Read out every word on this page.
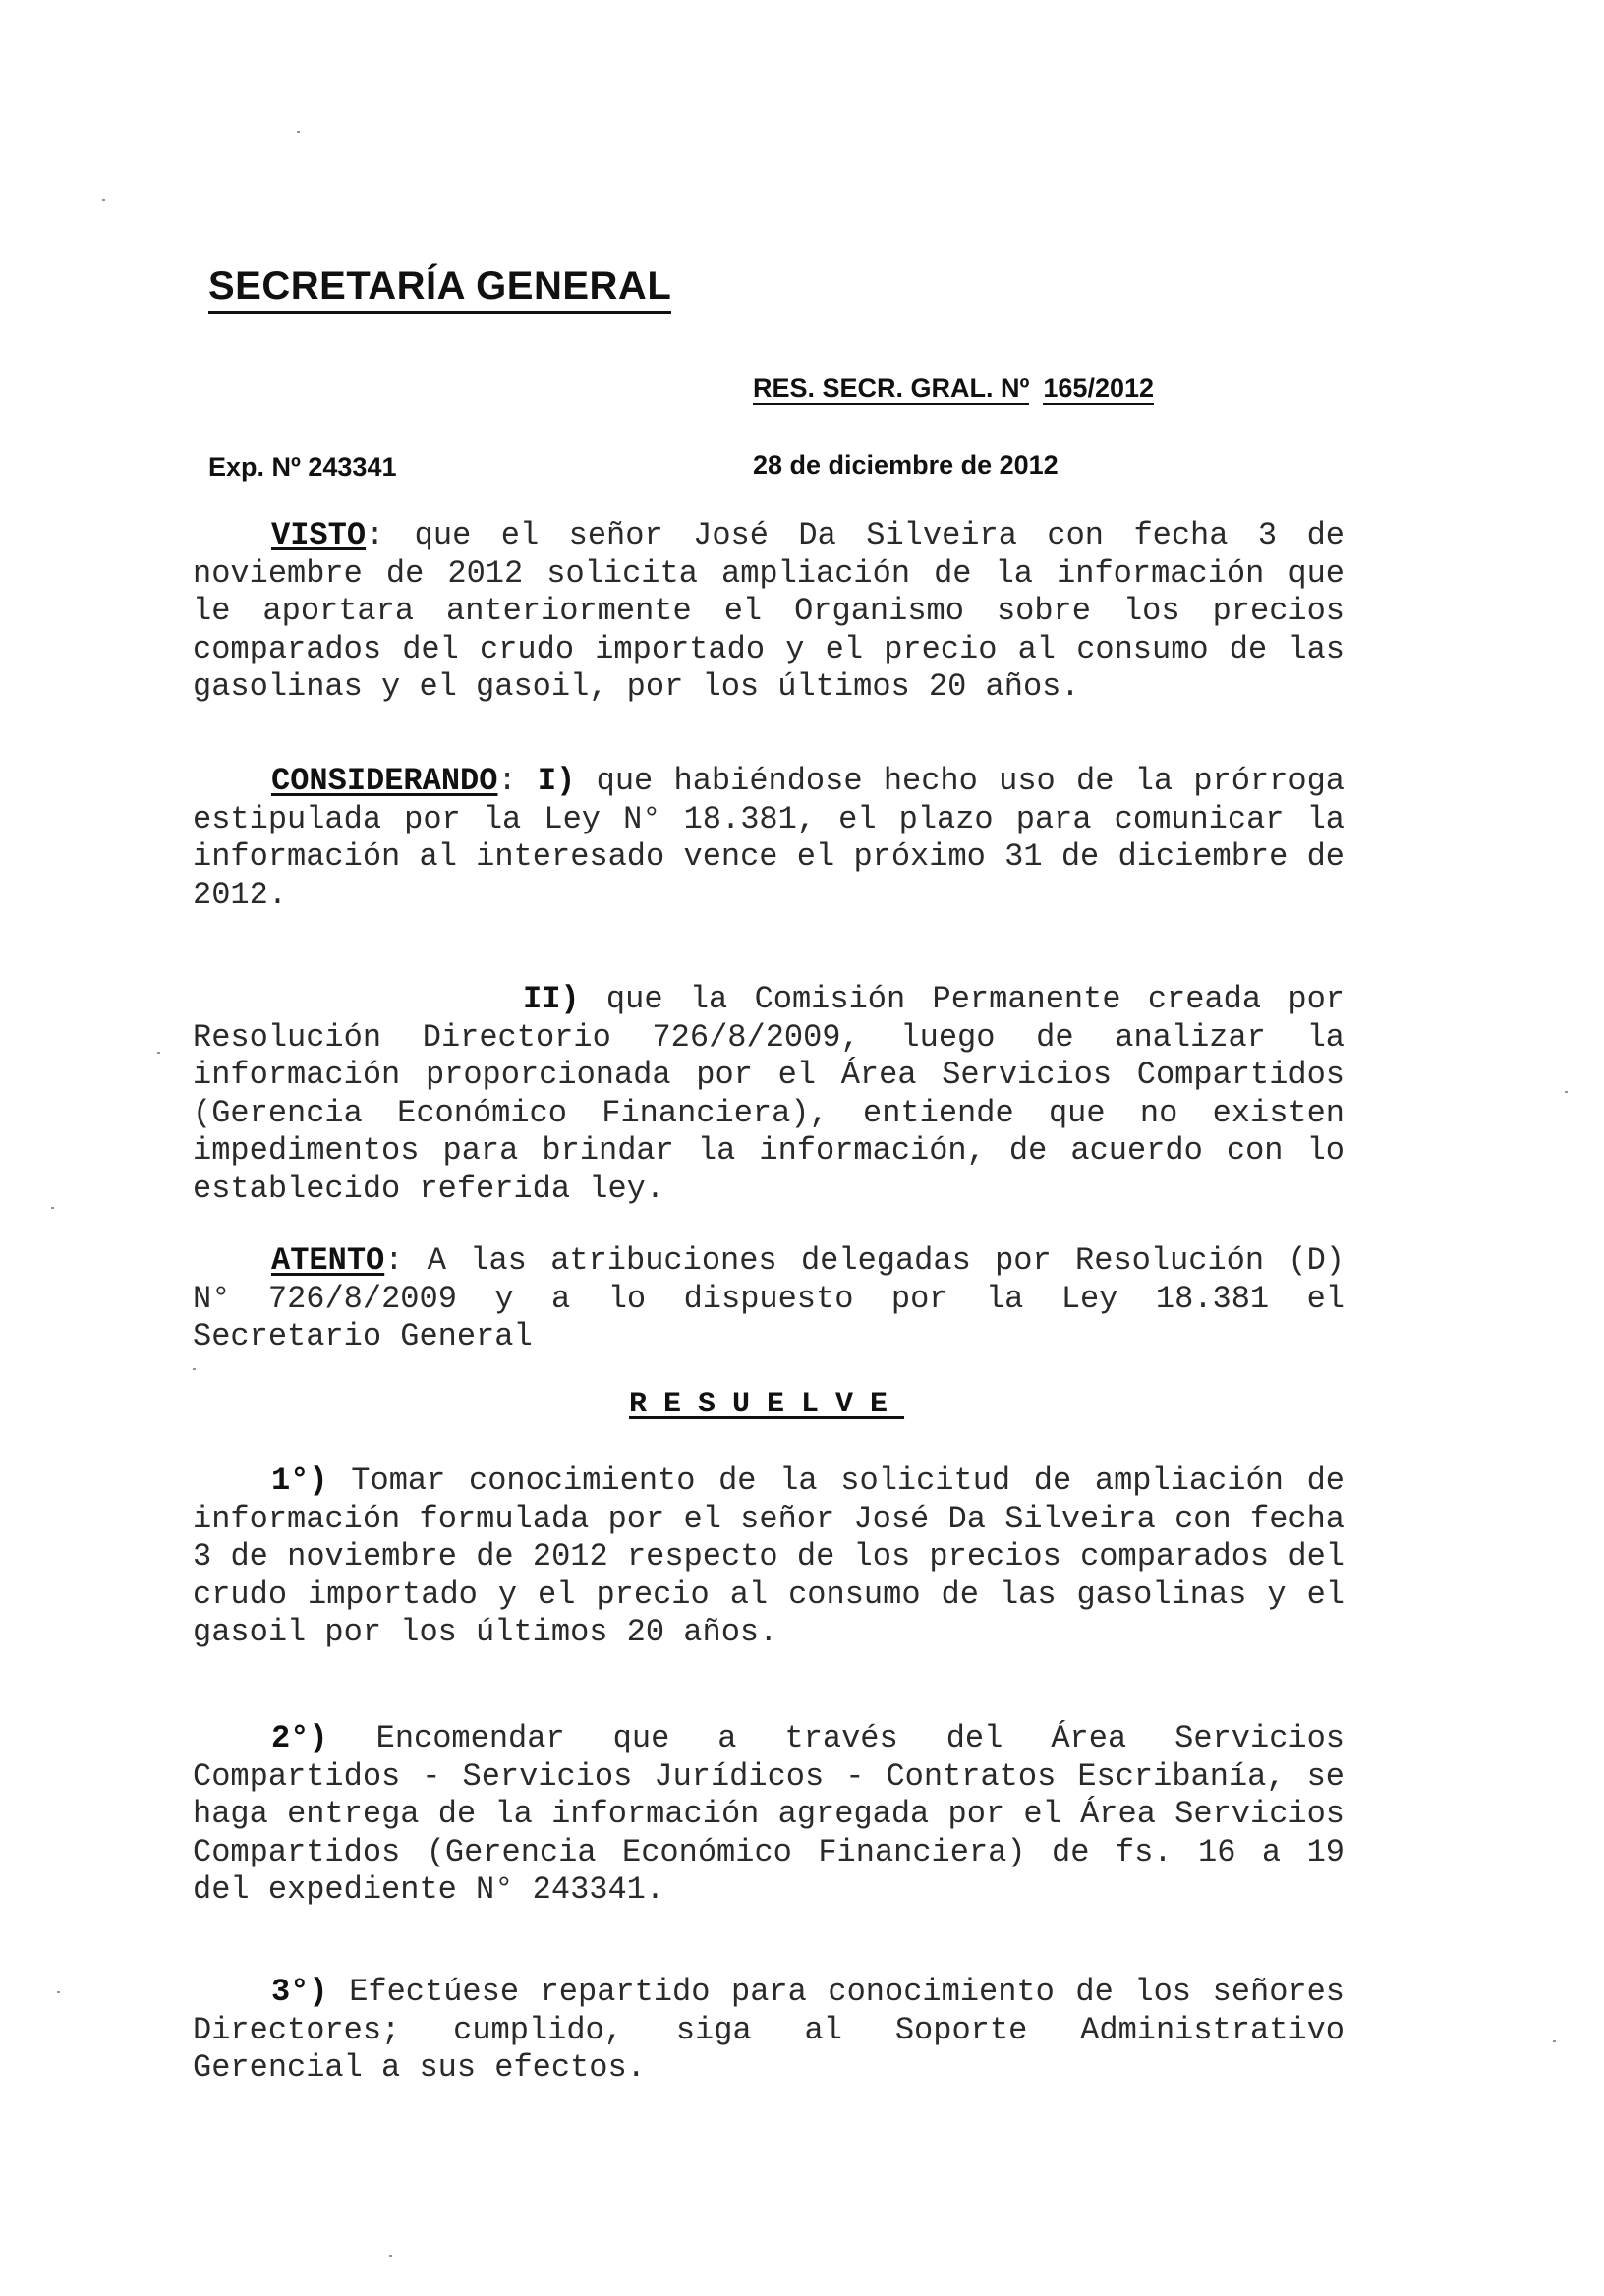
SECRETARÍA GENERAL
RES. SECR. GRAL. Nº 165/2012
Exp. Nº 243341	28 de diciembre de 2012

VISTO: que el señor José Da Silveira con fecha 3 de noviembre de 2012 solicita ampliación de la información que le aportara anteriormente el Organismo sobre los precios comparados del crudo importado y el precio al consumo de las gasolinas y el gasoil, por los últimos 20 años.

CONSIDERANDO: I) que habiéndose hecho uso de la prórroga estipulada por la Ley N° 18.381, el plazo para comunicar la información al interesado vence el próximo 31 de diciembre de 2012.

II) que la Comisión Permanente creada por Resolución Directorio 726/8/2009, luego de analizar la información proporcionada por el Área Servicios Compartidos (Gerencia Económico Financiera), entiende que no existen impedimentos para brindar la información, de acuerdo con lo establecido referida ley.

ATENTO: A las atribuciones delegadas por Resolución (D) N° 726/8/2009 y a lo dispuesto por la Ley 18.381 el Secretario General

RESUELVE

1°) Tomar conocimiento de la solicitud de ampliación de información formulada por el señor José Da Silveira con fecha 3 de noviembre de 2012 respecto de los precios comparados del crudo importado y el precio al consumo de las gasolinas y el gasoil por los últimos 20 años.

2°) Encomendar que a través del Área Servicios Compartidos - Servicios Jurídicos - Contratos Escribanía, se haga entrega de la información agregada por el Área Servicios Compartidos (Gerencia Económico Financiera) de fs. 16 a 19 del expediente N° 243341.

3°) Efectúese repartido para conocimiento de los señores Directores; cumplido, siga al Soporte Administrativo Gerencial a sus efectos.
